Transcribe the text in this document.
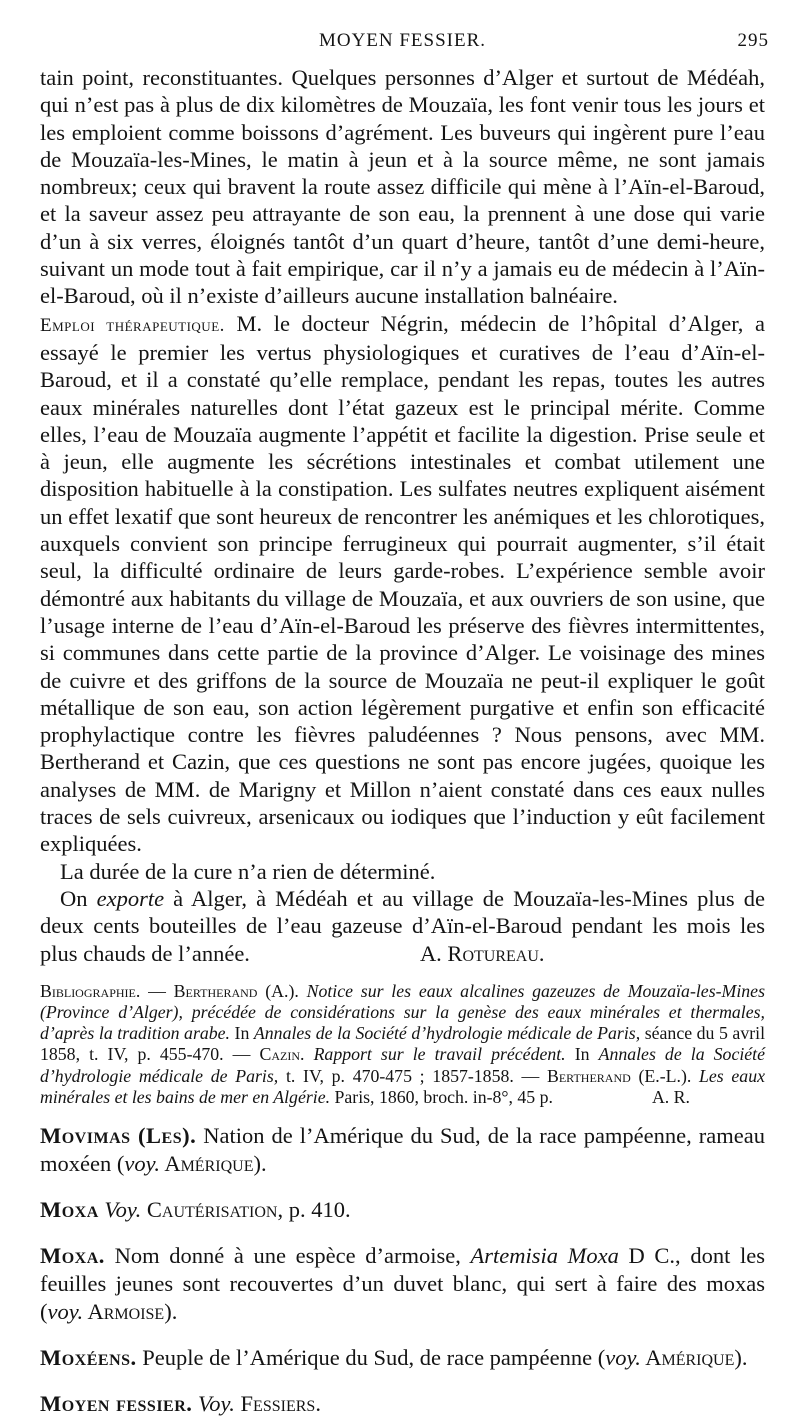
MOYEN FESSIER.	295

tain point, reconstituantes. Quelques personnes d’Alger et surtout de Médéah, qui n’est pas à plus de dix kilomètres de Mouzaïa, les font venir tous les jours et les emploient comme boissons d’agrément. Les buveurs qui ingèrent pure l’eau de Mouzaïa-les-Mines, le matin à jeun et à la source même, ne sont jamais nombreux; ceux qui bravent la route assez difficile qui mène à l’Aïn-el-Baroud, et la saveur assez peu attrayante de son eau, la prennent à une dose qui varie d’un à six verres, éloignés tantôt d’un quart d’heure, tantôt d’une demi-heure, suivant un mode tout à fait empirique, car il n’y a jamais eu de médecin à l’Aïn-el-Baroud, où il n’existe d’ailleurs aucune installation balnéaire.

Emploi thérapeutique. M. le docteur Négrin, médecin de l’hôpital d’Alger, a essayé le premier les vertus physiologiques et curatives de l’eau d’Aïn-el-Baroud, et il a constaté qu’elle remplace, pendant les repas, toutes les autres eaux minérales naturelles dont l’état gazeux est le principal mérite. Comme elles, l’eau de Mouzaïa augmente l’appétit et facilite la digestion. Prise seule et à jeun, elle augmente les sécrétions intestinales et combat utilement une disposition habituelle à la constipation. Les sulfates neutres expliquent aisément un effet lexatif que sont heureux de rencontrer les anémiques et les chlorotiques, auxquels convient son principe ferrugineux qui pourrait augmenter, s’il était seul, la difficulté ordinaire de leurs garde-robes. L’expérience semble avoir démontré aux habitants du village de Mouzaïa, et aux ouvriers de son usine, que l’usage interne de l’eau d’Aïn-el-Baroud les préserve des fièvres intermittentes, si communes dans cette partie de la province d’Alger. Le voisinage des mines de cuivre et des griffons de la source de Mouzaïa ne peut-il expliquer le goût métallique de son eau, son action légèrement purgative et enfin son efficacité prophylactique contre les fièvres paludéennes ? Nous pensons, avec MM. Bertherand et Cazin, que ces questions ne sont pas encore jugées, quoique les analyses de MM. de Marigny et Millon n’aient constaté dans ces eaux nulles traces de sels cuivreux, arsenicaux ou iodiques que l’induction y eût facilement expliquées.

La durée de la cure n’a rien de déterminé.

On exporte à Alger, à Médéah et au village de Mouzaïa-les-Mines plus de deux cents bouteilles de l’eau gazeuse d’Aïn-el-Baroud pendant les mois les plus chauds de l’année.	A. Rotureau.

Bibliographie. — Bertherand (A.). Notice sur les eaux alcalines gazeuzes de Mouzaïa-les-Mines (Province d’Alger), précédée de considérations sur la genèse des eaux minérales et thermales, d’après la tradition arabe. In Annales de la Société d’hydrologie médicale de Paris, séance du 5 avril 1858, t. IV, p. 455-470. — Cazin. Rapport sur le travail précédent. In Annales de la Société d’hydrologie médicale de Paris, t. IV, p. 470-475 ; 1857-1858. — Bertherand (E.-L.). Les eaux minérales et les bains de mer en Algérie. Paris, 1860, broch. in-8°, 45 p.	A. R.

Movimas (Les). Nation de l’Amérique du Sud, de la race pampéenne, rameau moxéen (voy. Amérique).

Moxa Voy. Cautérisation, p. 410.

Moxa. Nom donné à une espèce d’armoise, Artemisia Moxa D C., dont les feuilles jeunes sont recouvertes d’un duvet blanc, qui sert à faire des moxas (voy. Armoise).

Moxéens. Peuple de l’Amérique du Sud, de race pampéenne (voy. Amérique).

Moyen fessier. Voy. Fessiers.
